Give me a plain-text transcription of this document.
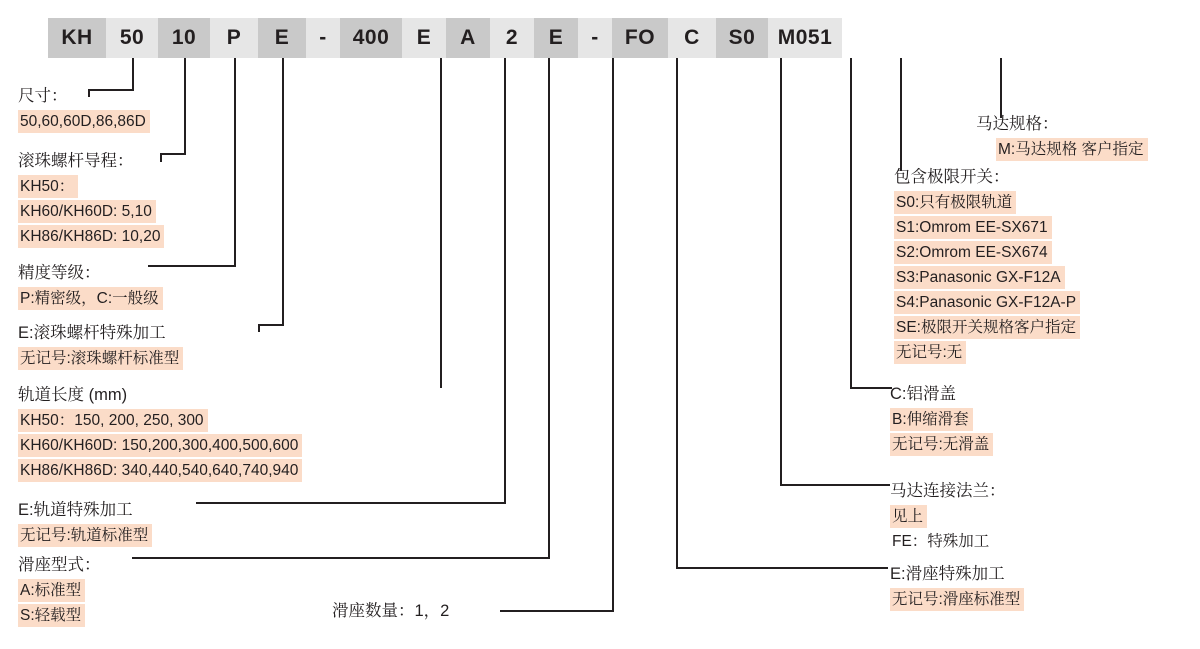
KH	50	10	P	E	-	400	E	A	2	E	-	FO	C	S0	M051
尺寸：
50,60,60D,86,86D
滚珠螺杆导程：
KH50：
KH60/KH60D: 5,10
KH86/KH86D: 10,20
精度等级：
P:精密级，C:一般级
E:滚珠螺杆特殊加工
无记号:滚珠螺杆标准型
轨道长度 (mm)
KH50：150, 200, 250, 300
KH60/KH60D: 150,200,300,400,500,600
KH86/KH86D: 340,440,540,640,740,940
E:轨道特殊加工
无记号:轨道标准型
滑座型式：
A:标准型
S:轻载型	滑座数量：1，2
马达规格：
M:马达规格 客户指定
包含极限开关：
S0:只有极限轨道
S1:Omrom EE-SX671
S2:Omrom EE-SX674
S3:Panasonic GX-F12A
S4:Panasonic GX-F12A-P
SE:极限开关规格客户指定
无记号:无
C:铝滑盖
B:伸缩滑套
无记号:无滑盖
马达连接法兰：
见上
FE：特殊加工
E:滑座特殊加工
无记号:滑座标准型
